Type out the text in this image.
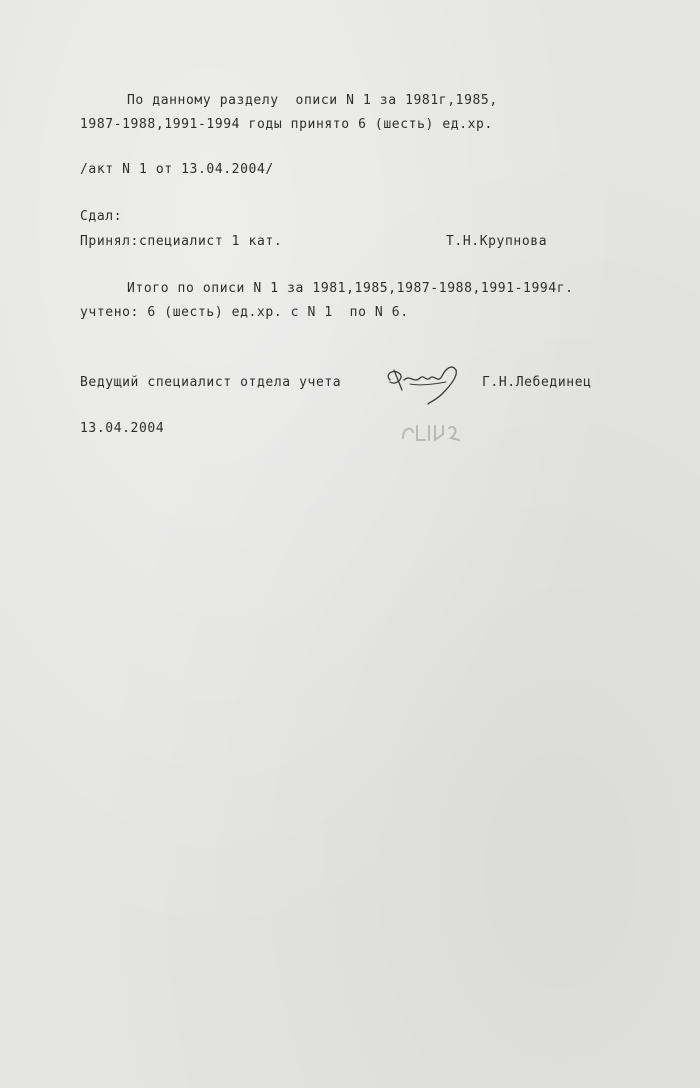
По данному разделу  описи N 1 за 1981г,1985,
1987-1988,1991-1994 годы принято 6 (шесть) ед.хр.
/акт N 1 от 13.04.2004/
Сдал:
Принял:специалист 1 кат.	Т.Н.Крупнова
Итого по описи N 1 за 1981,1985,1987-1988,1991-1994г.
учтено: 6 (шесть) ед.хр. с N 1  по N 6.
Ведущий специалист отдела учета	Г.Н.Лебединец
13.04.2004
